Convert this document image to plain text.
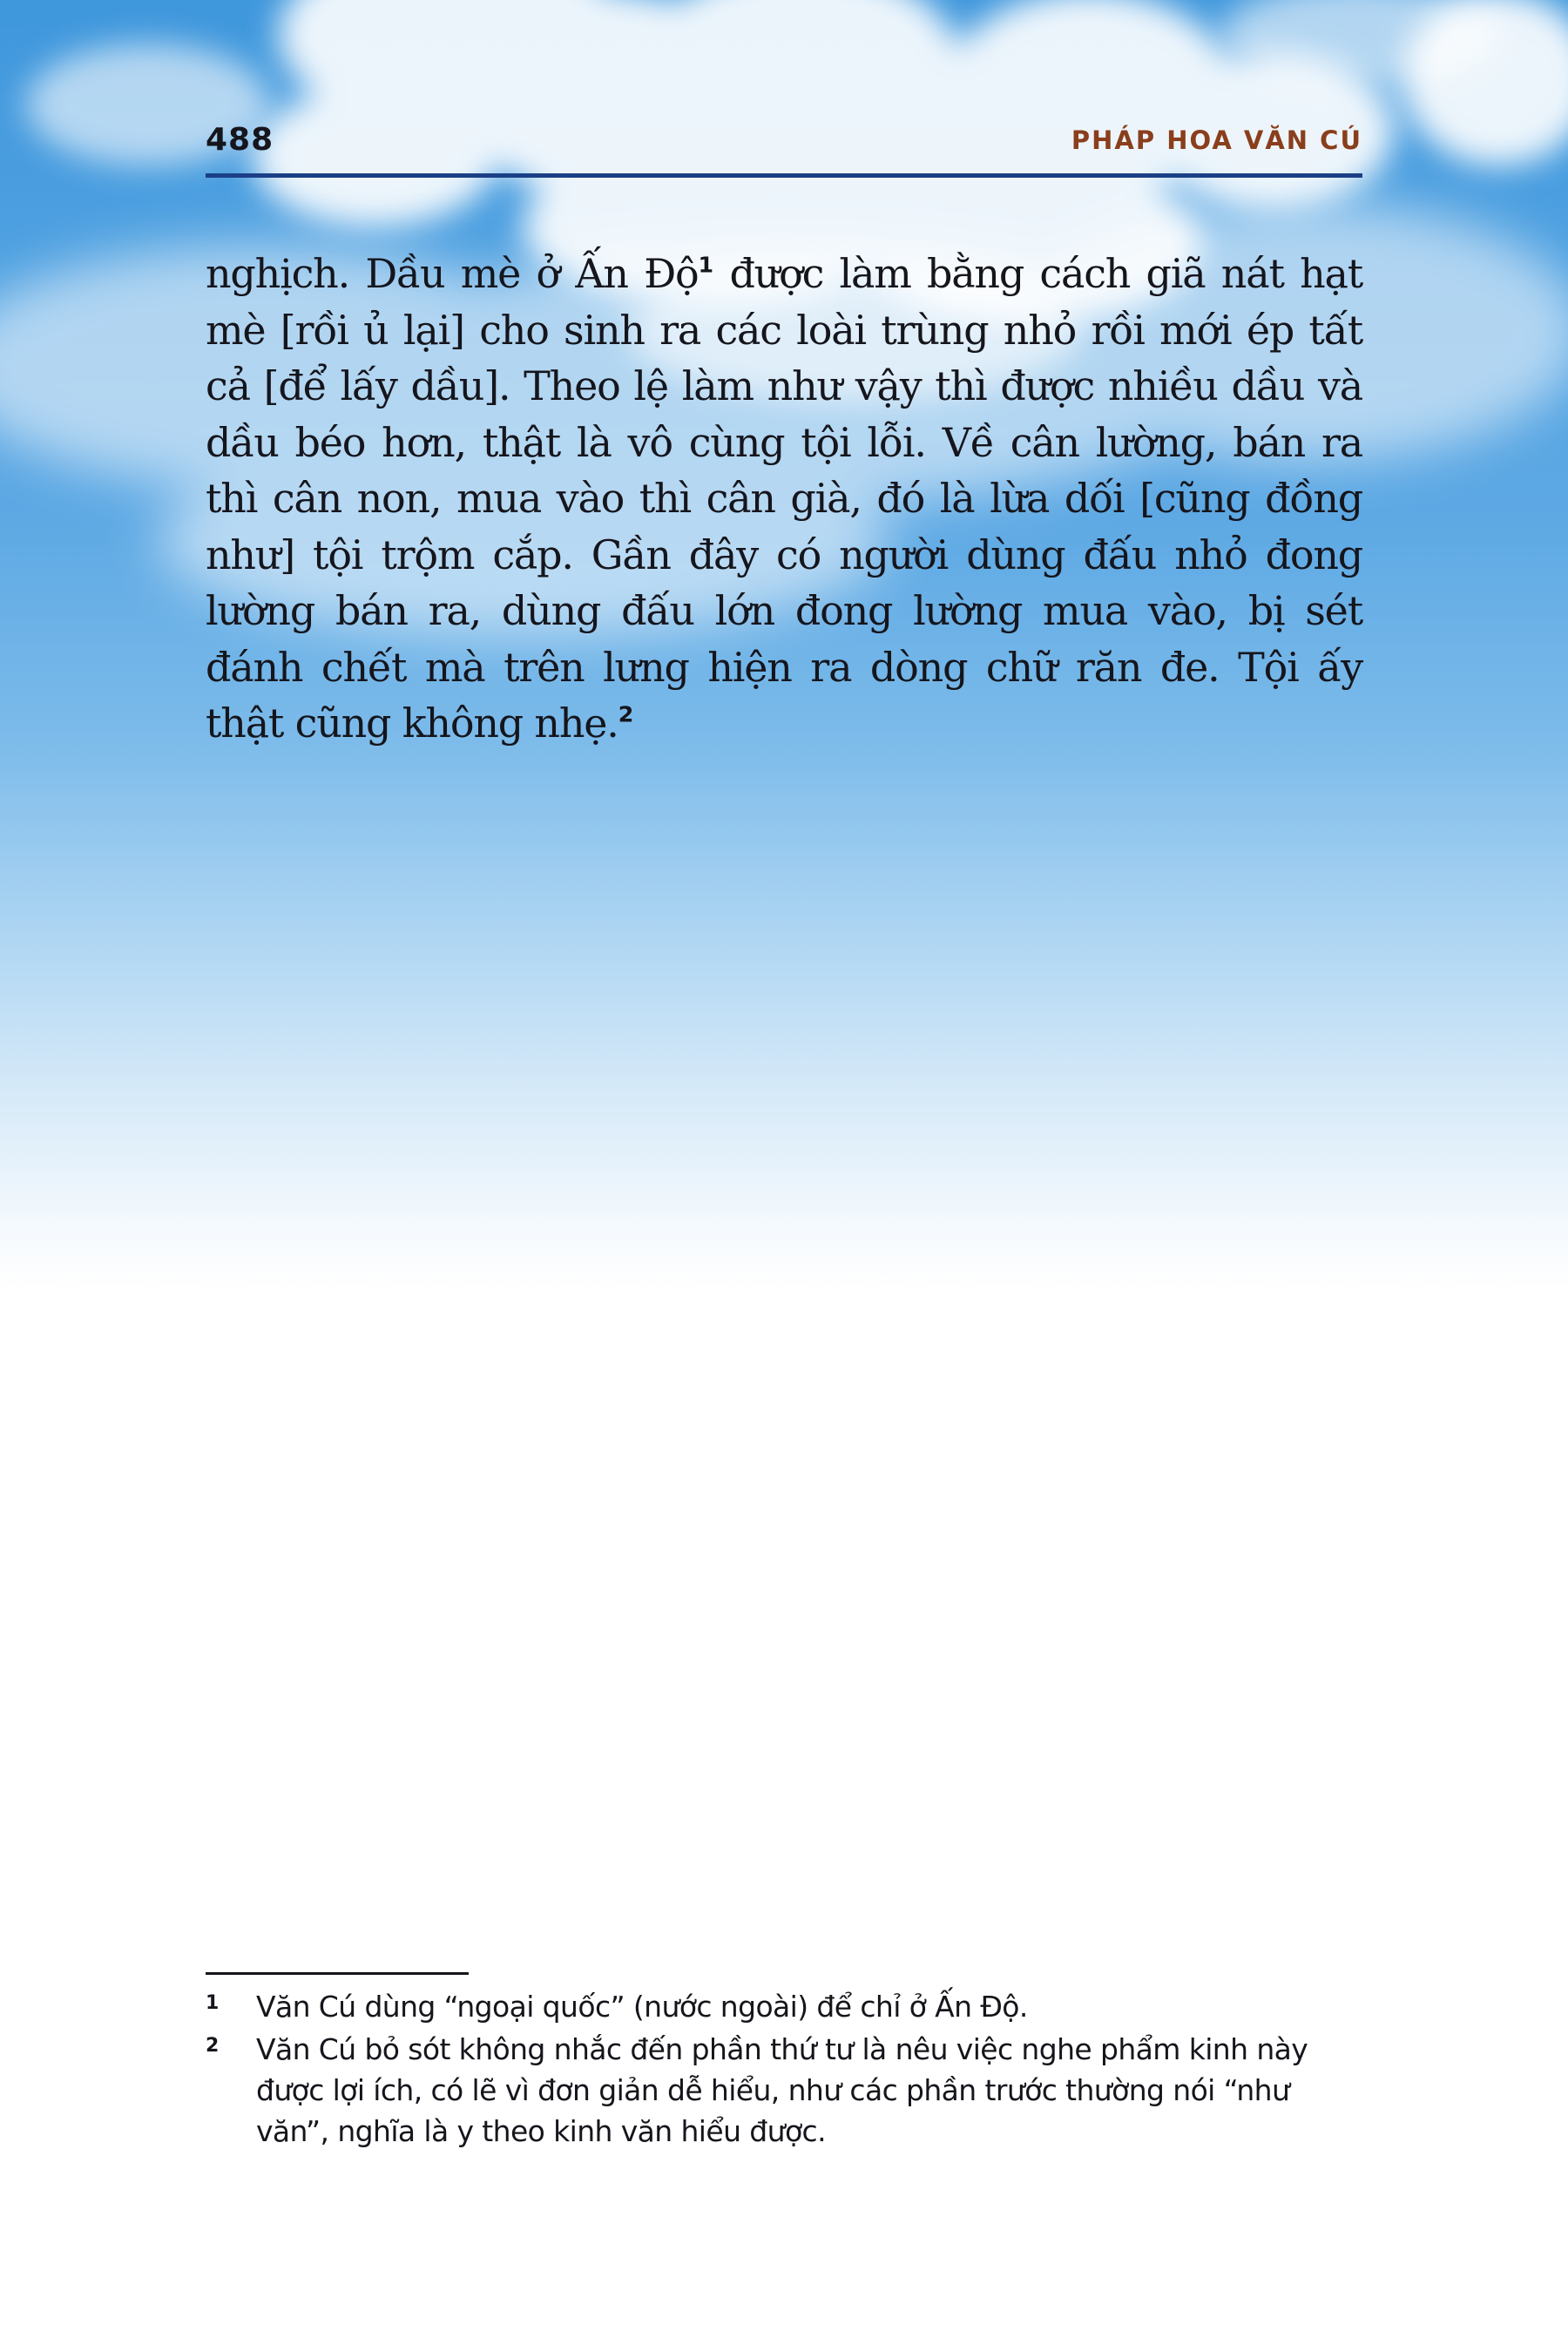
488	PHÁP HOA VĂN CÚ

nghịch. Dầu mè ở Ấn Độ$^1$ được làm bằng cách giã nát hạt mè [rồi ủ lại] cho sinh ra các loài trùng nhỏ rồi mới ép tất cả [để lấy dầu]. Theo lệ làm như vậy thì được nhiều dầu và dầu béo hơn, thật là vô cùng tội lỗi. Về cân lường, bán ra thì cân non, mua vào thì cân già, đó là lừa dối [cũng đồng như] tội trộm cắp. Gần đây có người dùng đấu nhỏ đong lường bán ra, dùng đấu lớn đong lường mua vào, bị sét đánh chết mà trên lưng hiện ra dòng chữ răn đe. Tội ấy thật cũng không nhẹ.$^2$

1 Văn Cú dùng “ngoại quốc” (nước ngoài) để chỉ ở Ấn Độ.
2 Văn Cú bỏ sót không nhắc đến phần thứ tư là nêu việc nghe phẩm kinh này được lợi ích, có lẽ vì đơn giản dễ hiểu, như các phần trước thường nói “như văn”, nghĩa là y theo kinh văn hiểu được.
